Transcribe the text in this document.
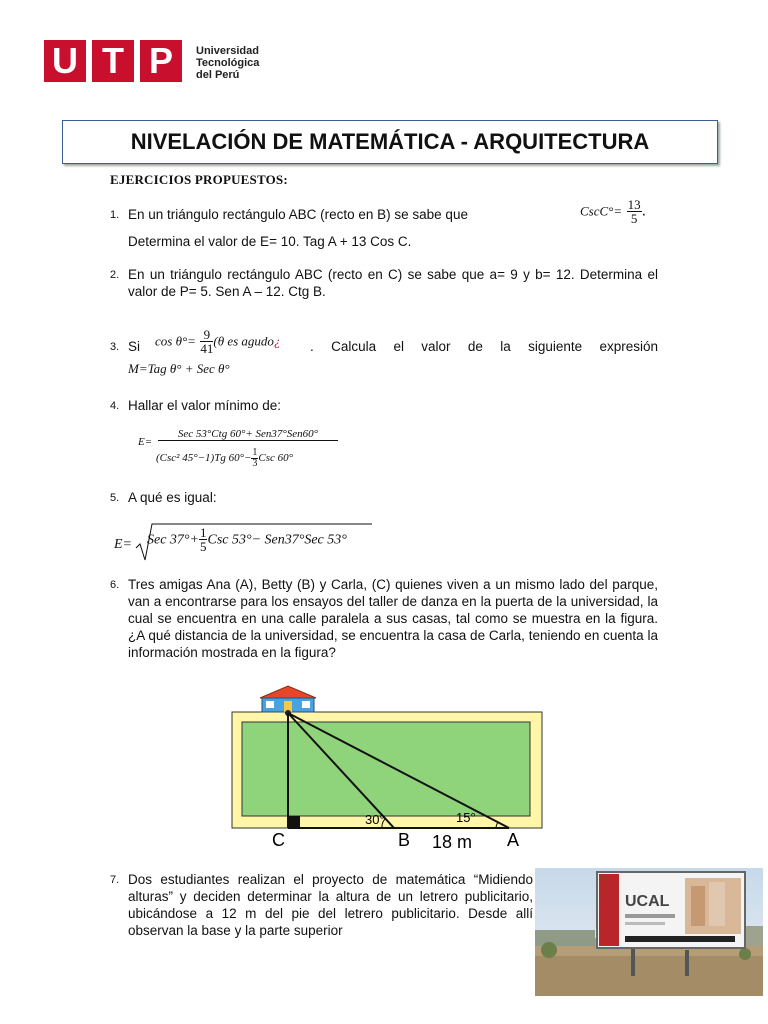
U T P	Universidad
Tecnológica
del Perú
NIVELACIÓN DE MATEMÁTICA - ARQUITECTURA
EJERCICIOS PROPUESTOS:
1. En un triángulo rectángulo ABC (recto en B) se sabe que	CscC°= $\frac{13}{5}$ .
Determina el valor de E= 10. Tag A + 13 Cos C.
2. En un triángulo rectángulo ABC (recto en C) se sabe que a= 9 y b= 12. Determina el valor de P= 5. Sen A – 12. Ctg B.
3. Si $\cos \theta^\circ= \frac{9}{41} (\theta$ es agudo¿ . Calcula el valor de la siguiente expresión
M=Tag θ° + Sec θ°
4. Hallar el valor mínimo de:
E=
Sec 53°Ctg 60°+ Sen37°Sen60°
(Csc² 45°−1)Tg $60^\circ- \frac{1}{3}$ Csc 60°
5. A qué es igual:
E= Sec $37^\circ+ \frac{1}{5}$ Csc 53°− Sen37°Sec 53°
6. Tres amigas Ana (A), Betty (B) y Carla, (C) quienes viven a un mismo lado del parque, van a encontrarse para los ensayos del taller de danza en la puerta de la universidad, la cual se encuentra en una calle paralela a sus casas, tal como se muestra en la figura. ¿A qué distancia de la universidad, se encuentra la casa de Carla, teniendo en cuenta la información mostrada en la figura?
30°	15°
C	B	A
18 m
7. Dos estudiantes realizan el proyecto de matemática “Midiendo alturas” y deciden determinar la altura de un letrero publicitario, ubicándose a 12 m del pie del letrero publicitario. Desde allí observan la base y la parte superior
UCAL
